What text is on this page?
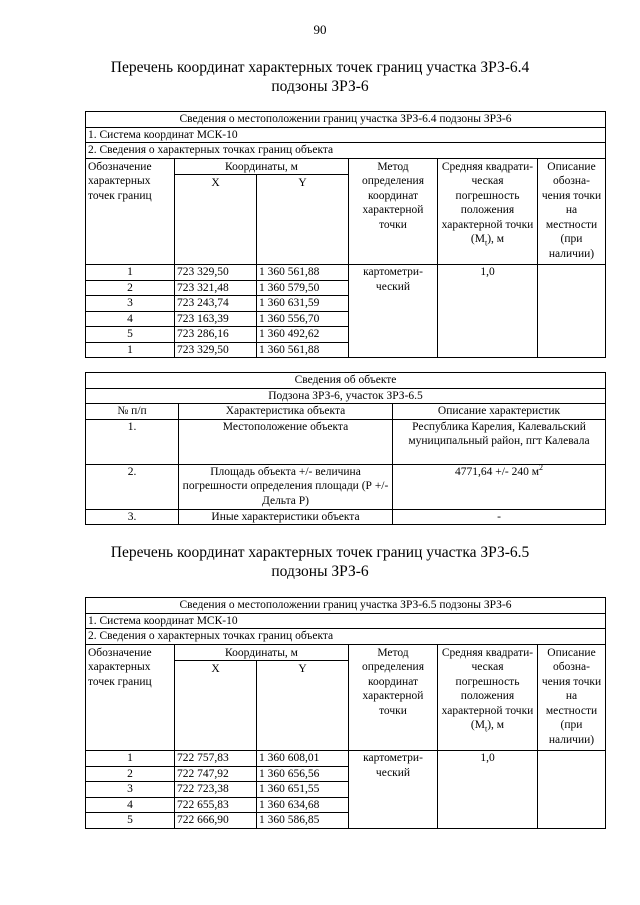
90
Перечень координат характерных точек границ участка ЗРЗ-6.4
подзоны ЗРЗ-6
Сведения о местоположении границ участка ЗРЗ-6.4 подзоны ЗРЗ-6					
1. Система координат МСК-10					
2. Сведения о характерных точках границ объекта					
Обозначение характерных точек границ	Координаты, м		Метод определения координат характерной точки	Средняя квадрати-ческая погрешность положения характерной точки $(M_t)$, м	Описание обозна-чения точки на местности (при наличии)
	X	Y			
1	723 329,50	1 360 561,88	картометри-ческий	1,0	
2	723 321,48	1 360 579,50			
3	723 243,74	1 360 631,59			
4	723 163,39	1 360 556,70			
5	723 286,16	1 360 492,62			
1	723 329,50	1 360 561,88			
Сведения об объекте		
Подзона ЗРЗ-6, участок ЗРЗ-6.5		
№ п/п	Характеристика объекта	Описание характеристик
1.	Местоположение объекта	Республика Карелия, Калевальский муниципальный район, пгт Калевала
2.	Площадь объекта +/- величина погрешности определения площади (Р +/- Дельта Р)	4771,64 +/- 240 $м^2$
3.	Иные характеристики объекта	-
Перечень координат характерных точек границ участка ЗРЗ-6.5
подзоны ЗРЗ-6
Сведения о местоположении границ участка ЗРЗ-6.5 подзоны ЗРЗ-6					
1. Система координат МСК-10					
2. Сведения о характерных точках границ объекта					
Обозначение характерных точек границ	Координаты, м		Метод определения координат характерной точки	Средняя квадрати-ческая погрешность положения характерной точки $(M_t)$, м	Описание обозна-чения точки на местности (при наличии)
	X	Y			
1	722 757,83	1 360 608,01	картометри-ческий	1,0	
2	722 747,92	1 360 656,56			
3	722 723,38	1 360 651,55			
4	722 655,83	1 360 634,68			
5	722 666,90	1 360 586,85			
